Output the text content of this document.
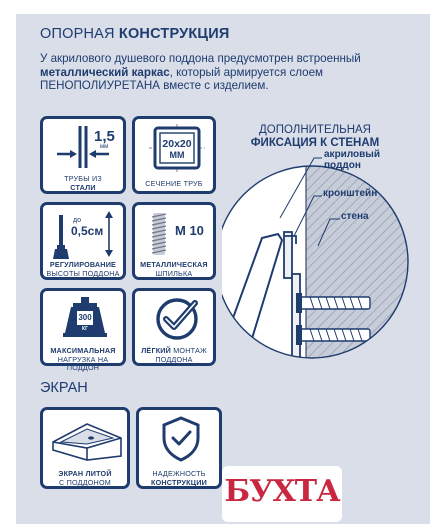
ОПОРНАЯ КОНСТРУКЦИЯ
У акрилового душевого поддона предусмотрен встроенный металлический каркас, который армируется слоем ПЕНОПОЛИУРЕТАНА вместе с изделием.
1,5
мм
ТРУБЫ ИЗ
СТАЛИ
20x20
ММ
СЕЧЕНИЕ ТРУБ
до
0,5см
РЕГУЛИРОВАНИЕ
ВЫСОТЫ ПОДДОНА
M 10
МЕТАЛЛИЧЕСКАЯ
ШПИЛЬКА
300
КГ
МАКСИМАЛЬНАЯ
НАГРУЗКА НА ПОДДОН
ЛЁГКИЙ МОНТАЖ
ПОДДОНА
ДОПОЛНИТЕЛЬНАЯ
ФИКСАЦИЯ К СТЕНАМ
акриловый
поддон
кронштейн
стена
ЭКРАН
ЭКРАН ЛИТОЙ
С ПОДДОНОМ
НАДЕЖНОСТЬ
КОНСТРУКЦИИ БУХТА
